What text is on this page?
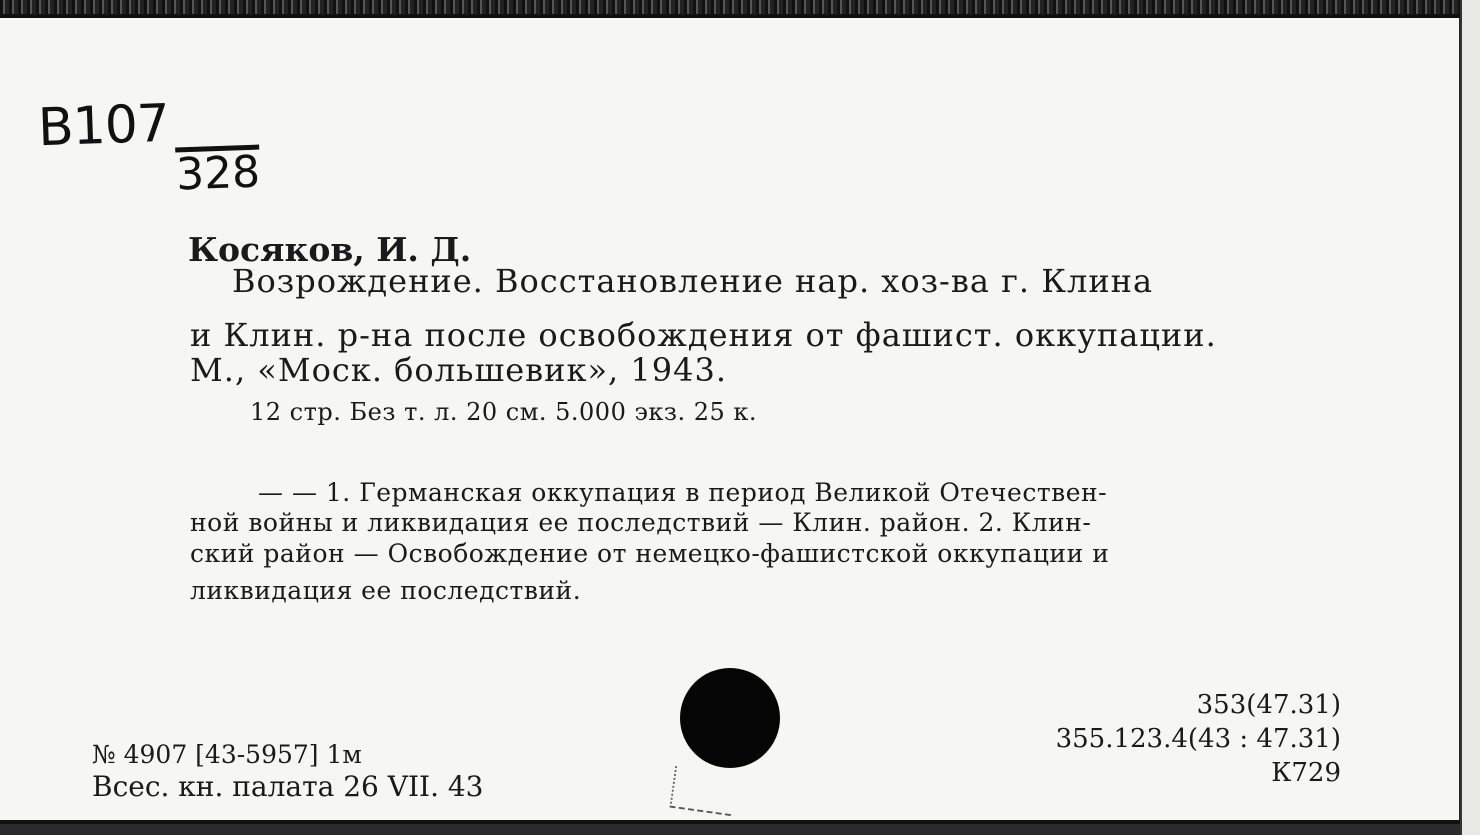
В107
328
Косяков, И. Д.
Возрождение. Восстановление нар. хоз-ва г. Клина
и Клин. р-на после освобождения от фашист. оккупации.
М., «Моск. большевик», 1943.
12 стр. Без т. л. 20 см. 5.000 экз. 25 к.
— — 1. Германская оккупация в период Великой Отечествен-
ной войны и ликвидация ее последствий — Клин. район. 2. Клин-
ский район — Освобождение от немецко-фашистской оккупации и
ликвидация ее последствий.
№ 4907 [43-5957] 1м
Всес. кн. палата 26 VII. 43
353(47.31)
355.123.4(43 : 47.31)
К729
